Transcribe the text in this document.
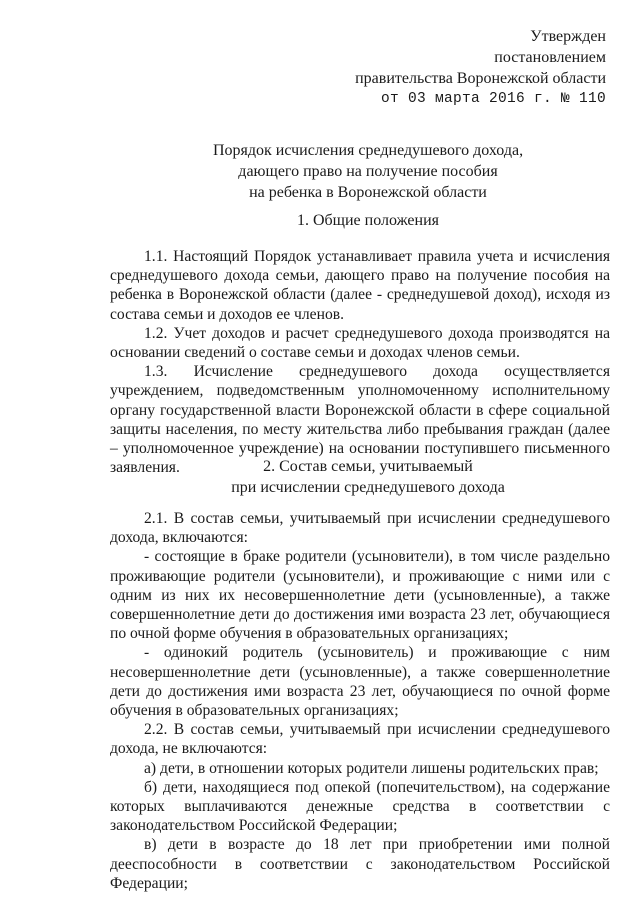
Утвержден
постановлением
правительства Воронежской области
от 03 марта 2016 г. № 110
Порядок исчисления среднедушевого дохода,
дающего право на получение пособия
на ребенка в Воронежской области
1. Общие положения

1.1. Настоящий Порядок устанавливает правила учета и исчисления среднедушевого дохода семьи, дающего право на получение пособия на ребенка в Воронежской области (далее - среднедушевой доход), исходя из состава семьи и доходов ее членов.

1.2. Учет доходов и расчет среднедушевого дохода производятся на основании сведений о составе семьи и доходах членов семьи.

1.3. Исчисление среднедушевого дохода осуществляется учреждением, подведомственным уполномоченному исполнительному органу государственной власти Воронежской области в сфере социальной защиты населения, по месту жительства либо пребывания граждан (далее – уполномоченное учреждение) на основании поступившего письменного заявления.	2. Состав семьи, учитываемый
при исчислении среднедушевого дохода

2.1. В состав семьи, учитываемый при исчислении среднедушевого дохода, включаются:

- состоящие в браке родители (усыновители), в том числе раздельно проживающие родители (усыновители), и проживающие с ними или с одним из них их несовершеннолетние дети (усыновленные), а также совершеннолетние дети до достижения ими возраста 23 лет, обучающиеся по очной форме обучения в образовательных организациях;

- одинокий родитель (усыновитель) и проживающие с ним несовершеннолетние дети (усыновленные), а также совершеннолетние дети до достижения ими возраста 23 лет, обучающиеся по очной форме обучения в образовательных организациях;

2.2. В состав семьи, учитываемый при исчислении среднедушевого дохода, не включаются:

а) дети, в отношении которых родители лишены родительских прав;

б) дети, находящиеся под опекой (попечительством), на содержание которых выплачиваются денежные средства в соответствии с законодательством Российской Федерации;

в) дети в возрасте до 18 лет при приобретении ими полной дееспособности в соответствии с законодательством Российской Федерации;
